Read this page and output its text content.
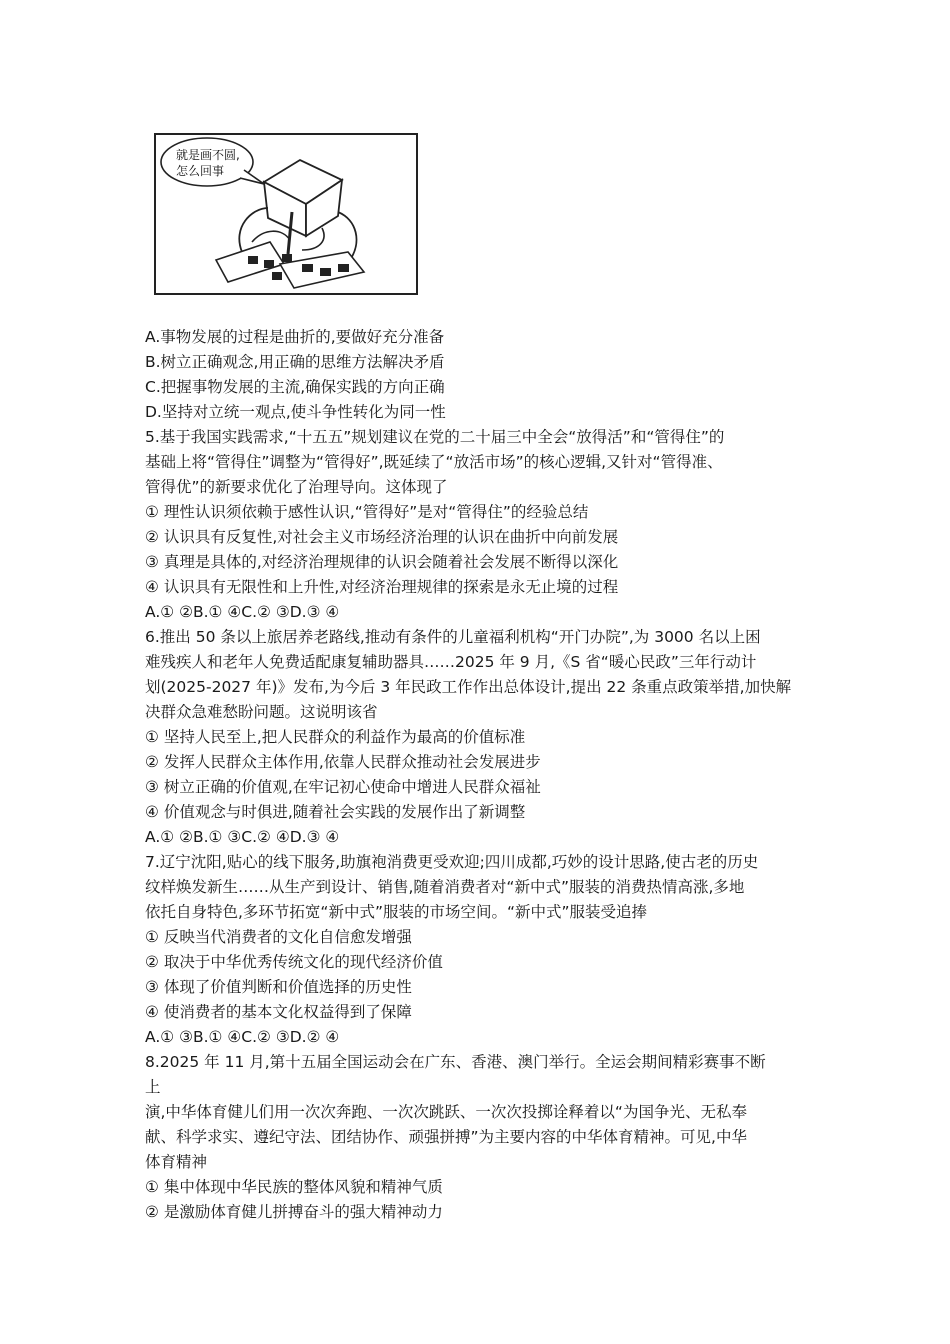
就是画不圆,
怎么回事
A.事物发展的过程是曲折的,要做好充分准备
B.树立正确观念,用正确的思维方法解决矛盾
C.把握事物发展的主流,确保实践的方向正确
D.坚持对立统一观点,使斗争性转化为同一性
5.基于我国实践需求,“十五五”规划建议在党的二十届三中全会“放得活”和“管得住”的
基础上将“管得住”调整为“管得好”,既延续了“放活市场”的核心逻辑,又针对“管得准、
管得优”的新要求优化了治理导向。这体现了
① 理性认识须依赖于感性认识,“管得好”是对“管得住”的经验总结
② 认识具有反复性,对社会主义市场经济治理的认识在曲折中向前发展
③ 真理是具体的,对经济治理规律的认识会随着社会发展不断得以深化
④ 认识具有无限性和上升性,对经济治理规律的探索是永无止境的过程
A.① ②B.① ④C.② ③D.③ ④
6.推出 50 条以上旅居养老路线,推动有条件的儿童福利机构“开门办院”,为 3000 名以上困
难残疾人和老年人免费适配康复辅助器具……2025 年 9 月,《S 省“暖心民政”三年行动计
划(2025-2027 年)》发布,为今后 3 年民政工作作出总体设计,提出 22 条重点政策举措,加快解
决群众急难愁盼问题。这说明该省
① 坚持人民至上,把人民群众的利益作为最高的价值标准
② 发挥人民群众主体作用,依靠人民群众推动社会发展进步
③ 树立正确的价值观,在牢记初心使命中增进人民群众福祉
④ 价值观念与时俱进,随着社会实践的发展作出了新调整
A.① ②B.① ③C.② ④D.③ ④
7.辽宁沈阳,贴心的线下服务,助旗袍消费更受欢迎;四川成都,巧妙的设计思路,使古老的历史
纹样焕发新生……从生产到设计、销售,随着消费者对“新中式”服装的消费热情高涨,多地
依托自身特色,多环节拓宽“新中式”服装的市场空间。“新中式”服装受追捧
① 反映当代消费者的文化自信愈发增强
② 取决于中华优秀传统文化的现代经济价值
③ 体现了价值判断和价值选择的历史性
④ 使消费者的基本文化权益得到了保障
A.① ③B.① ④C.② ③D.② ④
8.2025 年 11 月,第十五届全国运动会在广东、香港、澳门举行。全运会期间精彩赛事不断
上
演,中华体育健儿们用一次次奔跑、一次次跳跃、一次次投掷诠释着以“为国争光、无私奉
献、科学求实、遵纪守法、团结协作、顽强拼搏”为主要内容的中华体育精神。可见,中华
体育精神
① 集中体现中华民族的整体风貌和精神气质
② 是激励体育健儿拼搏奋斗的强大精神动力
